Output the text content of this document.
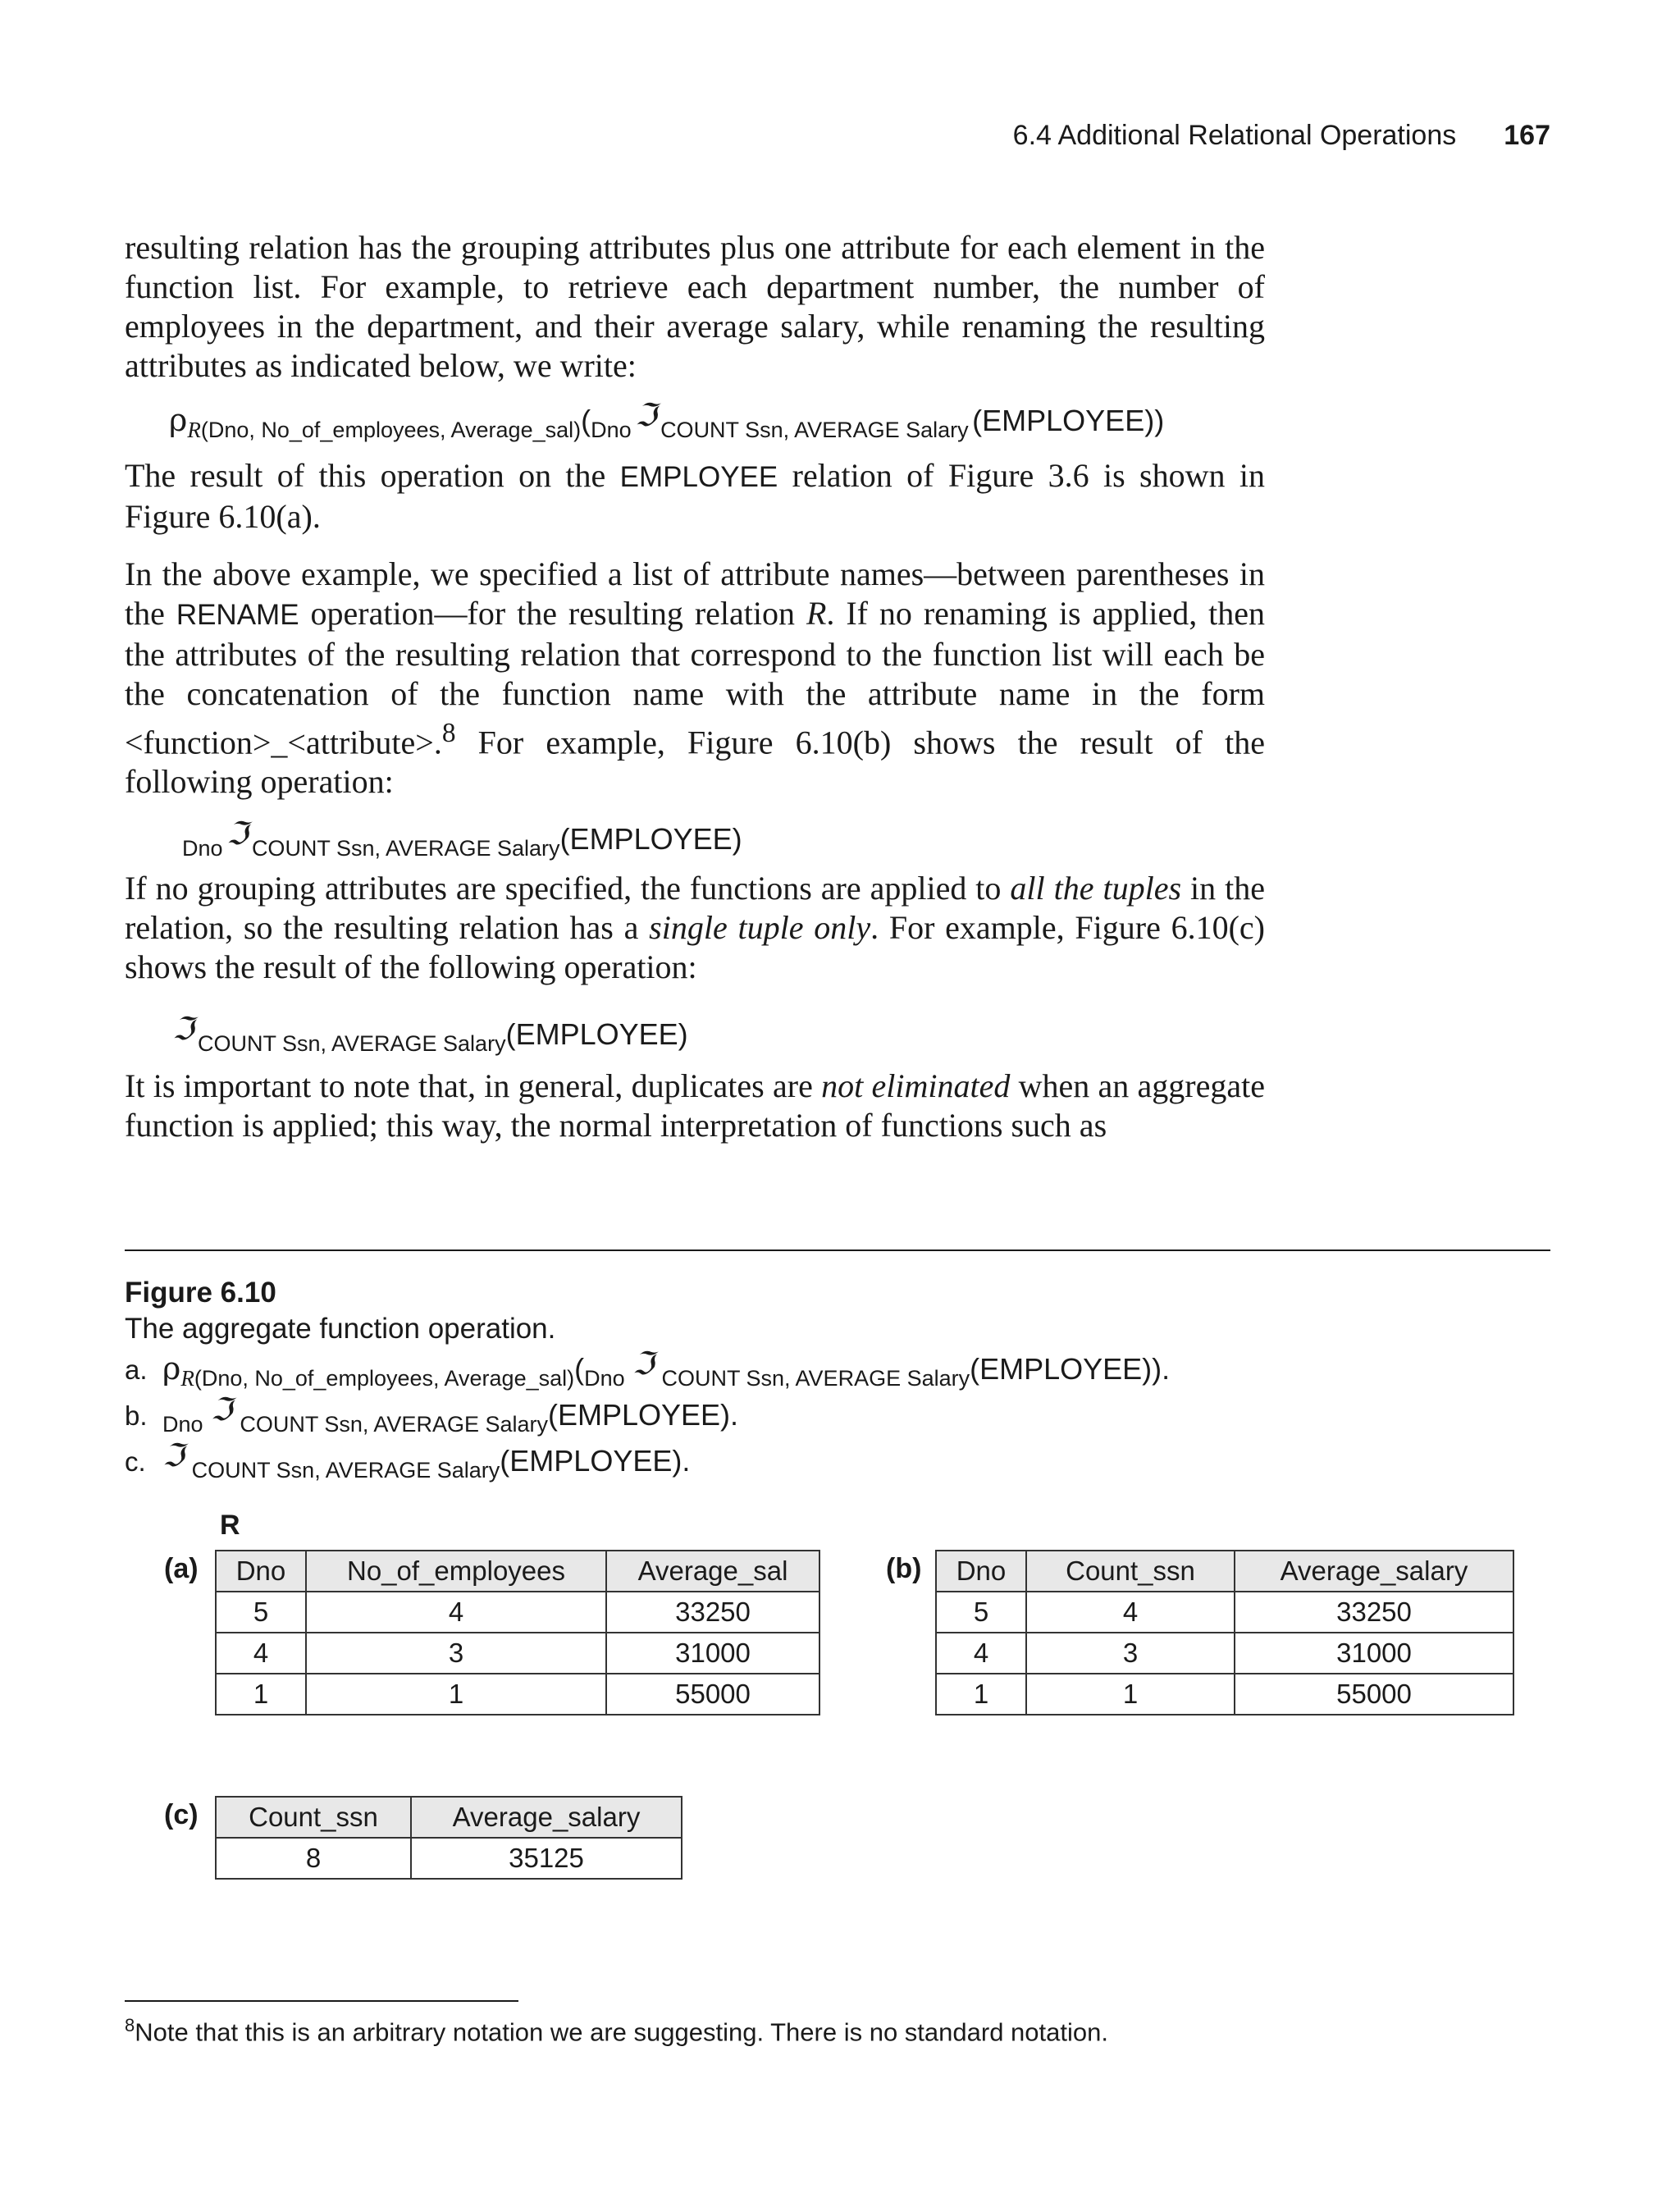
6.4 Additional Relational Operations 167
resulting relation has the grouping attributes plus one attribute for each element in the function list. For example, to retrieve each department number, the number of employees in the department, and their average salary, while renaming the resulting attributes as indicated below, we write:
ρR(Dno, No_of_employees, Average_sal)(Dno ℑ COUNT Ssn, AVERAGE Salary (EMPLOYEE))
The result of this operation on the EMPLOYEE relation of Figure 3.6 is shown in Figure 6.10(a).
In the above example, we specified a list of attribute names—between parentheses in the RENAME operation—for the resulting relation R. If no renaming is applied, then the attributes of the resulting relation that correspond to the function list will each be the concatenation of the function name with the attribute name in the form <function>_<attribute>.$^8$ For example, Figure 6.10(b) shows the result of the following operation:
Dno ℑ COUNT Ssn, AVERAGE Salary(EMPLOYEE)
If no grouping attributes are specified, the functions are applied to all the tuples in the relation, so the resulting relation has a single tuple only. For example, Figure 6.10(c) shows the result of the following operation:
ℑ COUNT Ssn, AVERAGE Salary(EMPLOYEE)
It is important to note that, in general, duplicates are not eliminated when an aggregate function is applied; this way, the normal interpretation of functions such as
Figure 6.10
The aggregate function operation.
a. $\rho_{R(Dno, No\_of\_employees, Average\_sal)}(_{Dno}$ ℑ $_{COUNT Ssn, AVERAGE Salary}$(EMPLOYEE)).
b. $_{Dno}$ ℑ $_{COUNT Ssn, AVERAGE Salary}$(EMPLOYEE).
c. ℑ $_{COUNT Ssn, AVERAGE Salary}$(EMPLOYEE).
R
(a) Dno	No_of_employees	Average_sal
5	4	33250
4	3	31000
1	1	55000
(b) Dno	Count_ssn	Average_salary
5	4	33250
4	3	31000
1	1	55000
(c) Count_ssn	Average_salary
8	35125
$^8$Note that this is an arbitrary notation we are suggesting. There is no standard notation.
